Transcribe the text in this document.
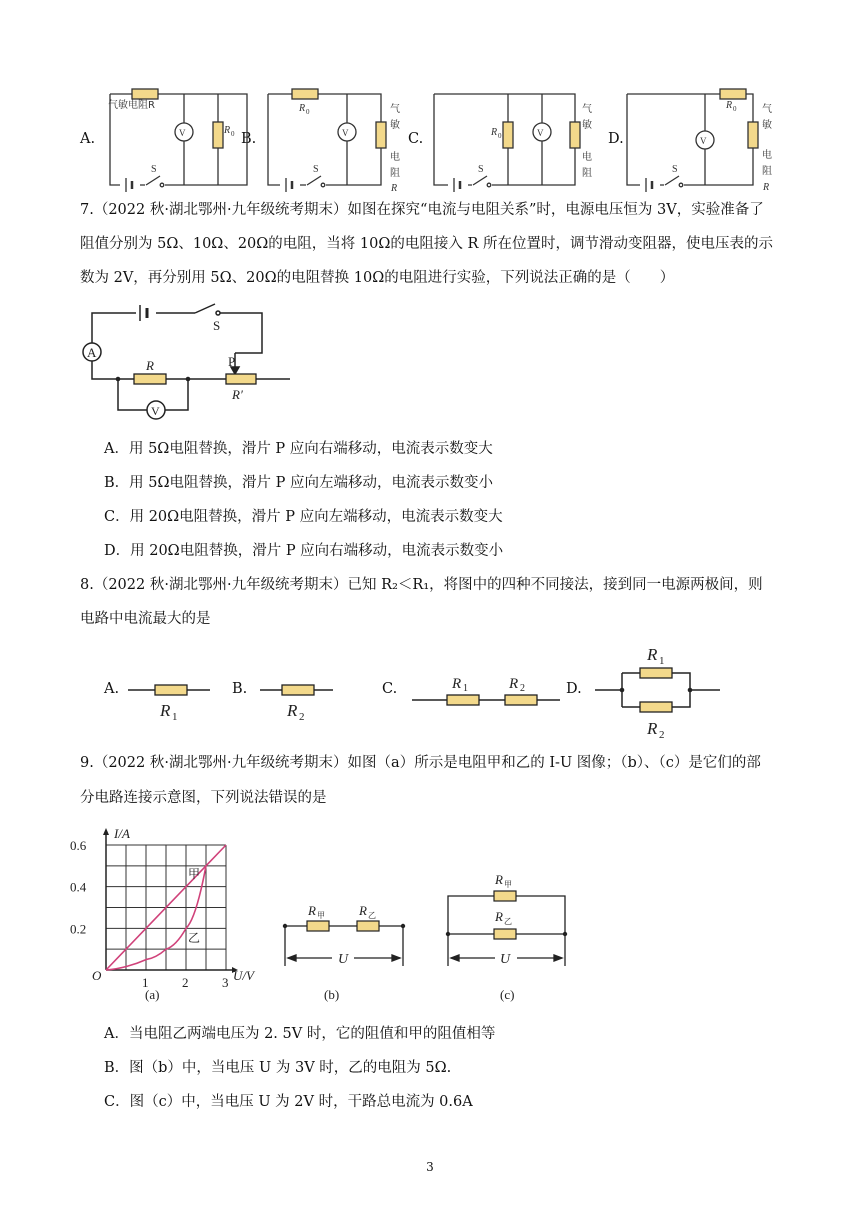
A.	B.	C.	D.
气敏电阻R
V	R 0
S
R 0
V
S
R 0	V
S
R 0
V
S
气
敏
电
阻
R
气
敏
电
阻
气
敏
电
阻
R
7.（2022 秋·湖北鄂州·九年级统考期末）如图在探究“电流与电阻关系”时，电源电压恒为 3V，实验准备了
阻值分别为 5Ω、10Ω、20Ω的电阻，当将 10Ω的电阻接入 R 所在位置时，调节滑动变阻器，使电压表的示
数为 2V，再分别用 5Ω、20Ω的电阻替换 10Ω的电阻进行实验，下列说法正确的是（　　）
A
V
S
P
R
R′
A．用 5Ω电阻替换，滑片 P 应向右端移动，电流表示数变大
B．用 5Ω电阻替换，滑片 P 应向左端移动，电流表示数变小
C．用 20Ω电阻替换，滑片 P 应向左端移动，电流表示数变大
D．用 20Ω电阻替换，滑片 P 应向右端移动，电流表示数变小
8.（2022 秋·湖北鄂州·九年级统考期末）已知 R₂＜R₁，将图中的四种不同接法，接到同一电源两极间，则
电路中电流最大的是
A.	B.	C.	D.
R 1	R 2
R 1	R 2
R 1
R 2
9.（2022 秋·湖北鄂州·九年级统考期末）如图（a）所示是电阻甲和乙的 I-U 图像；（b）、（c）是它们的部
分电路连接示意图，下列说法错误的是
I/A
U/V
O
甲
乙
(a)	(b)	(c)
0.6
0.4
0.2
1	2	3
R 甲	R 乙
U
R 甲
R 乙
U
A．当电阻乙两端电压为 2. 5V 时，它的阻值和甲的阻值相等
B．图（b）中，当电压 U 为 3V 时，乙的电阻为 5Ω.
C．图（c）中，当电压 U 为 2V 时，干路总电流为 0.6A
3
